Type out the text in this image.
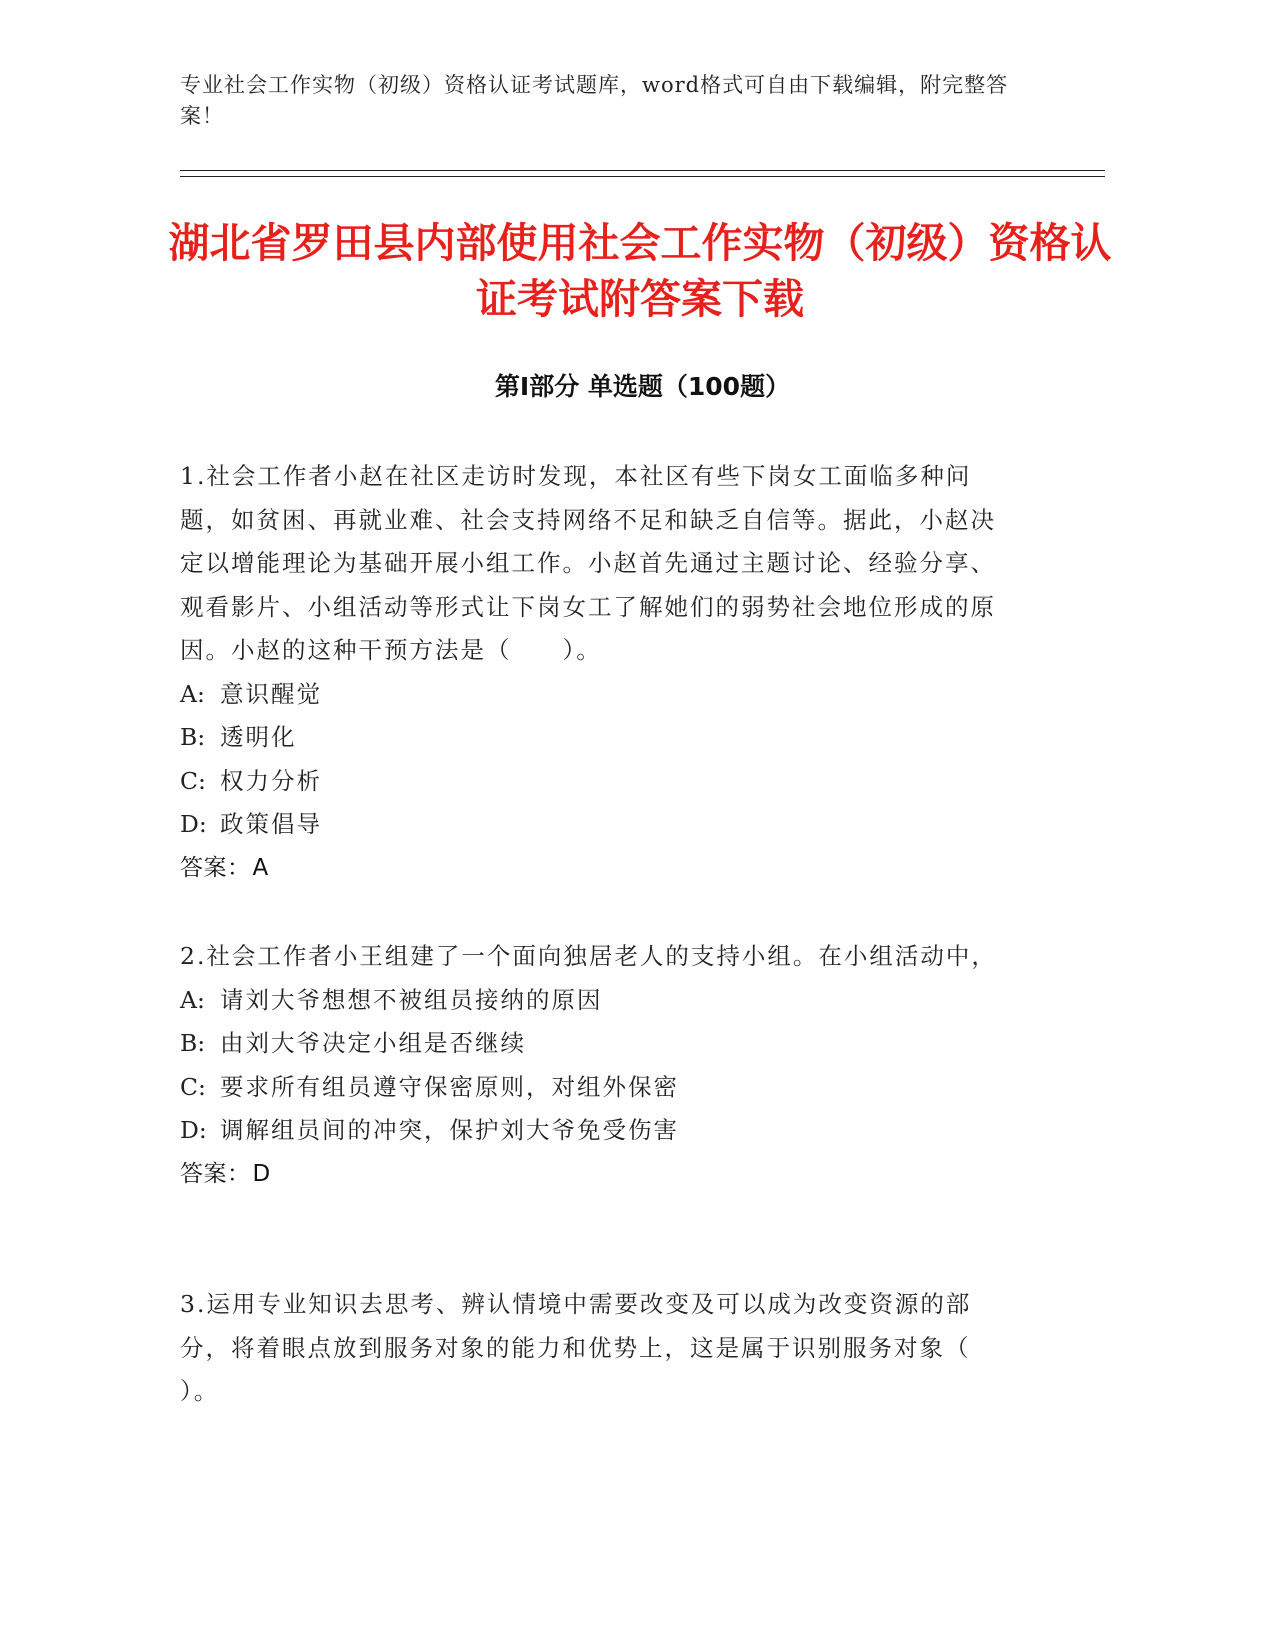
专业社会工作实物（初级）资格认证考试题库，word格式可自由下载编辑，附完整答案！
湖北省罗田县内部使用社会工作实物（初级）资格认证考试附答案下载
第Ⅰ部分 单选题（100题）
1.社会工作者小赵在社区走访时发现，本社区有些下岗女工面临多种问题，如贫困、再就业难、社会支持网络不足和缺乏自信等。据此，小赵决定以增能理论为基础开展小组工作。小赵首先通过主题讨论、经验分享、观看影片、小组活动等形式让下岗女工了解她们的弱势社会地位形成的原因。小赵的这种干预方法是（　　）。
A: 意识醒觉
B: 透明化
C: 权力分析
D: 政策倡导
答案：A
2.社会工作者小王组建了一个面向独居老人的支持小组。在小组活动中，
A: 请刘大爷想想不被组员接纳的原因
B: 由刘大爷决定小组是否继续
C: 要求所有组员遵守保密原则，对组外保密
D: 调解组员间的冲突，保护刘大爷免受伤害
答案：D
3.运用专业知识去思考、辨认情境中需要改变及可以成为改变资源的部分，将着眼点放到服务对象的能力和优势上，这是属于识别服务对象（ ）。
